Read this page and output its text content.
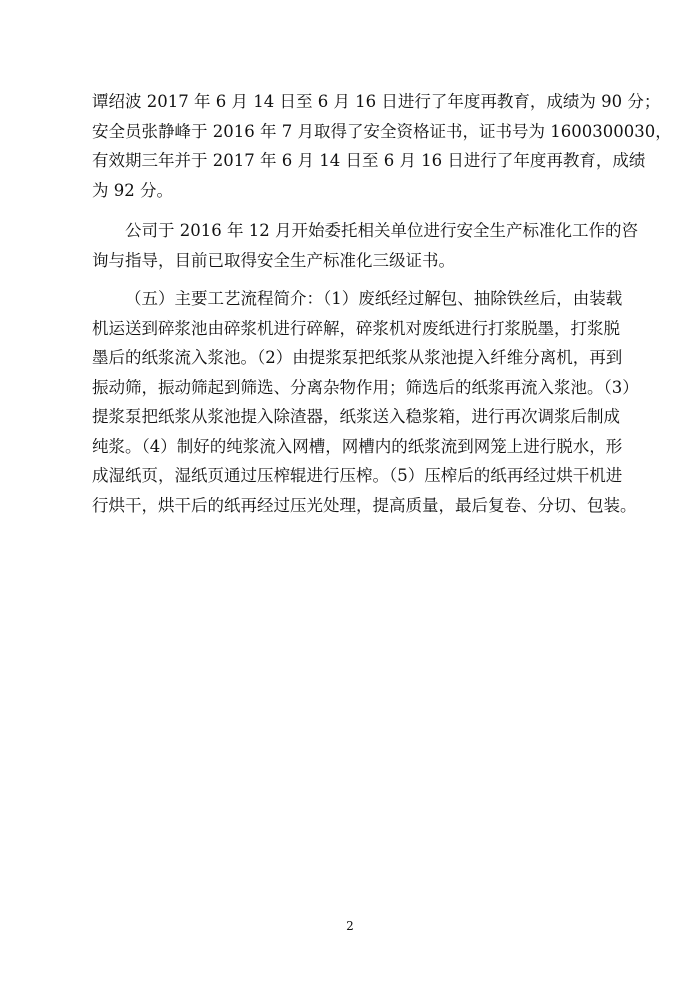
谭绍波 2017 年 6 月 14 日至 6 月 16 日进行了年度再教育，成绩为 90 分；
安全员张静峰于 2016 年 7 月取得了安全资格证书，证书号为 1600300030，
有效期三年并于 2017 年 6 月 14 日至 6 月 16 日进行了年度再教育，成绩
为 92 分。
公司于 2016 年 12 月开始委托相关单位进行安全生产标准化工作的咨
询与指导，目前已取得安全生产标准化三级证书。
（五）主要工艺流程简介：（1）废纸经过解包、抽除铁丝后，由装载
机运送到碎浆池由碎浆机进行碎解，碎浆机对废纸进行打浆脱墨，打浆脱
墨后的纸浆流入浆池。（2）由提浆泵把纸浆从浆池提入纤维分离机，再到
振动筛，振动筛起到筛选、分离杂物作用；筛选后的纸浆再流入浆池。（3）
提浆泵把纸浆从浆池提入除渣器，纸浆送入稳浆箱，进行再次调浆后制成
纯浆。（4）制好的纯浆流入网槽，网槽内的纸浆流到网笼上进行脱水，形
成湿纸页，湿纸页通过压榨辊进行压榨。（5）压榨后的纸再经过烘干机进
行烘干，烘干后的纸再经过压光处理，提高质量，最后复卷、分切、包装。
2
